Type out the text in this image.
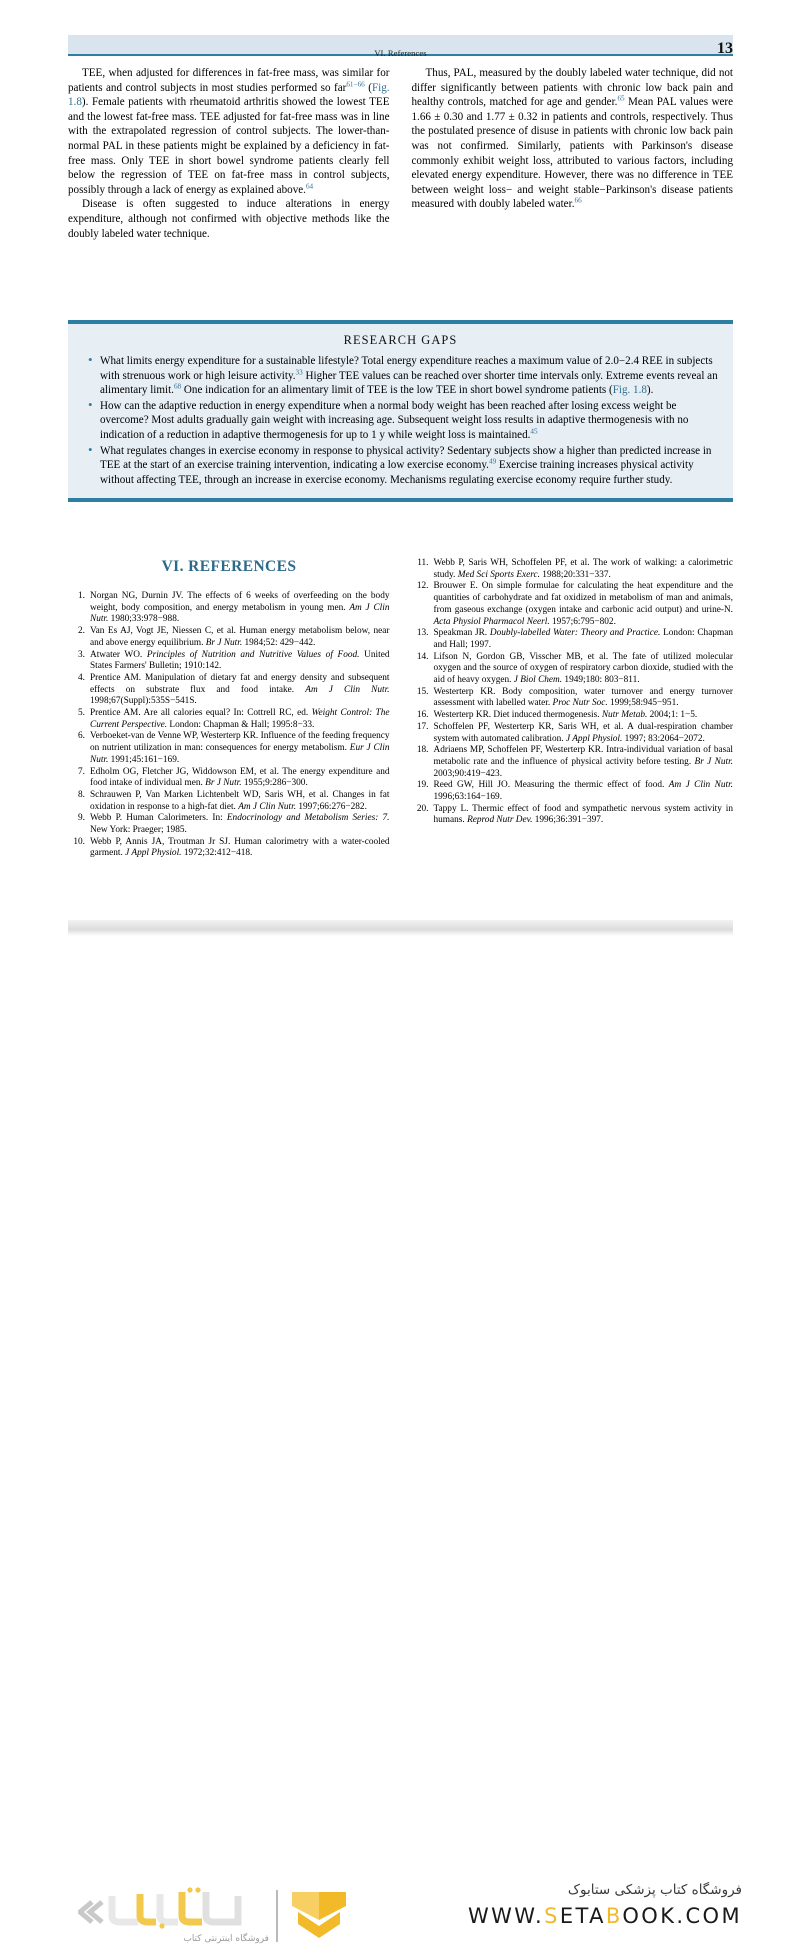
VI. References	13

TEE, when adjusted for differences in fat-free mass, was similar for patients and control subjects in most studies performed so far$^{61-66}$ (Fig. 1.8). Female patients with rheumatoid arthritis showed the lowest TEE and the lowest fat-free mass. TEE adjusted for fat-free mass was in line with the extrapolated regression of control subjects. The lower-than-normal PAL in these patients might be explained by a deficiency in fat-free mass. Only TEE in short bowel syndrome patients clearly fell below the regression of TEE on fat-free mass in control subjects, possibly through a lack of energy as explained above.$^{64}$

Disease is often suggested to induce alterations in energy expenditure, although not confirmed with objective methods like the doubly labeled water technique.

Thus, PAL, measured by the doubly labeled water technique, did not differ significantly between patients with chronic low back pain and healthy controls, matched for age and gender.$^{65}$ Mean PAL values were 1.66 ± 0.30 and 1.77 ± 0.32 in patients and controls, respectively. Thus the postulated presence of disuse in patients with chronic low back pain was not confirmed. Similarly, patients with Parkinson's disease commonly exhibit weight loss, attributed to various factors, including elevated energy expenditure. However, there was no difference in TEE between weight loss− and weight stable−Parkinson's disease patients measured with doubly labeled water.$^{66}$

RESEARCH GAPS
• What limits energy expenditure for a sustainable lifestyle? Total energy expenditure reaches a maximum value of 2.0−2.4 REE in subjects with strenuous work or high leisure activity.$^{33}$ Higher TEE values can be reached over shorter time intervals only. Extreme events reveal an alimentary limit.$^{68}$ One indication for an alimentary limit of TEE is the low TEE in short bowel syndrome patients (Fig. 1.8).
• How can the adaptive reduction in energy expenditure when a normal body weight has been reached after losing excess weight be overcome? Most adults gradually gain weight with increasing age. Subsequent weight loss results in adaptive thermogenesis with no indication of a reduction in adaptive thermogenesis for up to 1 y while weight loss is maintained.$^{45}$
• What regulates changes in exercise economy in response to physical activity? Sedentary subjects show a higher than predicted increase in TEE at the start of an exercise training intervention, indicating a low exercise economy.$^{49}$ Exercise training increases physical activity without affecting TEE, through an increase in exercise economy. Mechanisms regulating exercise economy require further study.
VI. REFERENCES
1. Norgan NG, Durnin JV. The effects of 6 weeks of overfeeding on the body weight, body composition, and energy metabolism in young men. Am J Clin Nutr. 1980;33:978−988.
2. Van Es AJ, Vogt JE, Niessen C, et al. Human energy metabolism below, near and above energy equilibrium. Br J Nutr. 1984;52: 429−442.
3. Atwater WO. Principles of Nutrition and Nutritive Values of Food. United States Farmers' Bulletin; 1910:142.
4. Prentice AM. Manipulation of dietary fat and energy density and subsequent effects on substrate flux and food intake. Am J Clin Nutr. 1998;67(Suppl):535S−541S.
5. Prentice AM. Are all calories equal? In: Cottrell RC, ed. Weight Control: The Current Perspective. London: Chapman & Hall; 1995:8−33.
6. Verboeket-van de Venne WP, Westerterp KR. Influence of the feeding frequency on nutrient utilization in man: consequences for energy metabolism. Eur J Clin Nutr. 1991;45:161−169.
7. Edholm OG, Fletcher JG, Widdowson EM, et al. The energy expenditure and food intake of individual men. Br J Nutr. 1955;9:286−300.
8. Schrauwen P, Van Marken Lichtenbelt WD, Saris WH, et al. Changes in fat oxidation in response to a high-fat diet. Am J Clin Nutr. 1997;66:276−282.
9. Webb P. Human Calorimeters. In: Endocrinology and Metabolism Series: 7. New York: Praeger; 1985.
10. Webb P, Annis JA, Troutman Jr SJ. Human calorimetry with a water-cooled garment. J Appl Physiol. 1972;32:412−418.
11. Webb P, Saris WH, Schoffelen PF, et al. The work of walking: a calorimetric study. Med Sci Sports Exerc. 1988;20:331−337.
12. Brouwer E. On simple formulae for calculating the heat expenditure and the quantities of carbohydrate and fat oxidized in metabolism of man and animals, from gaseous exchange (oxygen intake and carbonic acid output) and urine-N. Acta Physiol Pharmacol Neerl. 1957;6:795−802.
13. Speakman JR. Doubly-labelled Water: Theory and Practice. London: Chapman and Hall; 1997.
14. Lifson N, Gordon GB, Visscher MB, et al. The fate of utilized molecular oxygen and the source of oxygen of respiratory carbon dioxide, studied with the aid of heavy oxygen. J Biol Chem. 1949;180: 803−811.
15. Westerterp KR. Body composition, water turnover and energy turnover assessment with labelled water. Proc Nutr Soc. 1999;58:945−951.
16. Westerterp KR. Diet induced thermogenesis. Nutr Metab. 2004;1: 1−5.
17. Schoffelen PF, Westerterp KR, Saris WH, et al. A dual-respiration chamber system with automated calibration. J Appl Physiol. 1997; 83:2064−2072.
18. Adriaens MP, Schoffelen PF, Westerterp KR. Intra-individual variation of basal metabolic rate and the influence of physical activity before testing. Br J Nutr. 2003;90:419−423.
19. Reed GW, Hill JO. Measuring the thermic effect of food. Am J Clin Nutr. 1996;63:164−169.
20. Tappy L. Thermic effect of food and sympathetic nervous system activity in humans. Reprod Nutr Dev. 1996;36:391−397.
فروشگاه اینترنتی کتاب
فروشگاه کتاب پزشکی ستابوک
WWW.SETABOOK.COM
